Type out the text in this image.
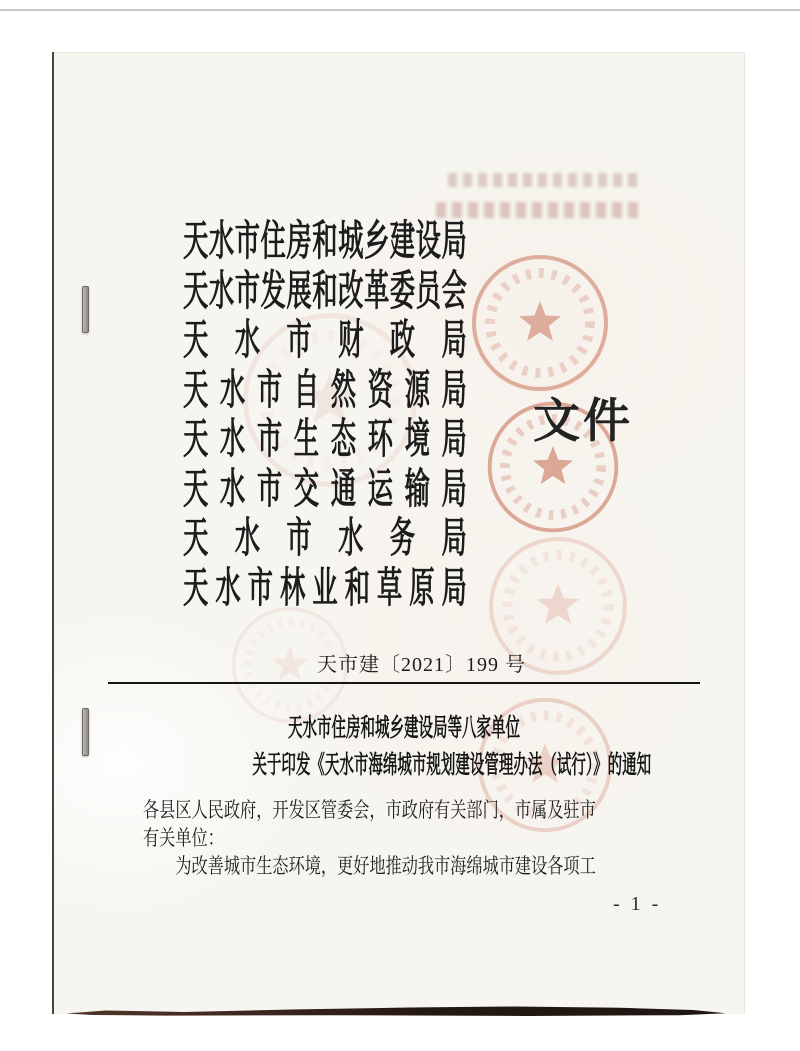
天水市住房和城乡建设局
天水市发展和改革委员会
天水市财政局
天水市自然资源局
天水市生态环境局
天水市交通运输局
天水市水务局
天水市林业和草原局
文件
天市建〔2021〕199 号
天水市住房和城乡建设局等八家单位
关于印发《天水市海绵城市规划建设管理办法（试行）》的通知
各县区人民政府，开发区管委会，市政府有关部门，市属及驻市
有关单位：
为改善城市生态环境，更好地推动我市海绵城市建设各项工
- 1 -
